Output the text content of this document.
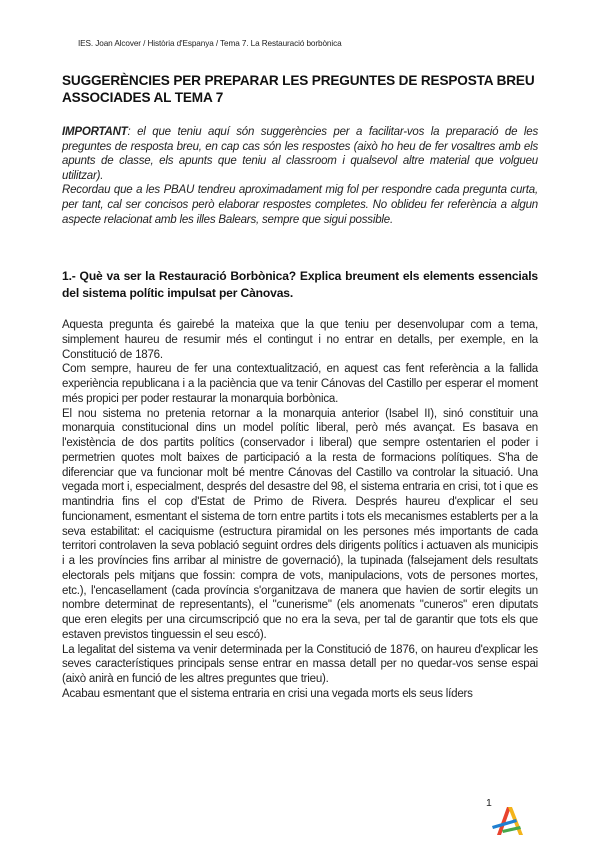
IES. Joan Alcover / Història d'Espanya / Tema 7. La Restauració borbònica
SUGGERÈNCIES PER PREPARAR LES PREGUNTES DE RESPOSTA BREU
ASSOCIADES AL TEMA 7

IMPORTANT: el que teniu aquí són suggerències per a facilitar-vos la preparació de les preguntes de resposta breu, en cap cas són les respostes (això ho heu de fer vosaltres amb els apunts de classe, els apunts que teniu al classroom i qualsevol altre material que volgueu utilitzar).

Recordau que a les PBAU tendreu aproximadament mig fol per respondre cada pregunta curta, per tant, cal ser concisos però elaborar respostes completes. No oblideu fer referència a algun aspecte relacionat amb les illes Balears, sempre que sigui possible.

1.- Què va ser la Restauració Borbònica? Explica breument els elements essencials del sistema polític impulsat per Cànovas.

Aquesta pregunta és gairebé la mateixa que la que teniu per desenvolupar com a tema, simplement haureu de resumir més el contingut i no entrar en detalls, per exemple, en la Constitució de 1876.

Com sempre, haureu de fer una contextualització, en aquest cas fent referència a la fallida experiència republicana i a la paciència que va tenir Cánovas del Castillo per esperar el moment més propici per poder restaurar la monarquia borbònica.

El nou sistema no pretenia retornar a la monarquia anterior (Isabel II), sinó constituir una monarquia constitucional dins un model polític liberal, però més avançat. Es basava en l'existència de dos partits polítics (conservador i liberal) que sempre ostentarien el poder i permetrien quotes molt baixes de participació a la resta de formacions polítiques. S'ha de diferenciar que va funcionar molt bé mentre Cánovas del Castillo va controlar la situació. Una vegada mort i, especialment, després del desastre del 98, el sistema entraria en crisi, tot i que es mantindria fins el cop d'Estat de Primo de Rivera. Després haureu d'explicar el seu funcionament, esmentant el sistema de torn entre partits i tots els mecanismes establerts per a la seva estabilitat: el caciquisme (estructura piramidal on les persones més importants de cada territori controlaven la seva població seguint ordres dels dirigents polítics i actuaven als municipis i a les províncies fins arribar al ministre de governació), la tupinada (falsejament dels resultats electorals pels mitjans que fossin: compra de vots, manipulacions, vots de persones mortes, etc.), l'encasellament (cada província s'organitzava de manera que havien de sortir elegits un nombre determinat de representants), el "cunerisme" (els anomenats "cuneros" eren diputats que eren elegits per una circumscripció que no era la seva, per tal de garantir que tots els que estaven previstos tinguessin el seu escó).

La legalitat del sistema va venir determinada per la Constitució de 1876, on haureu d'explicar les seves característiques principals sense entrar en massa detall per no quedar-vos sense espai (això anirà en funció de les altres preguntes que trieu).

Acabau esmentant que el sistema entraria en crisi una vegada morts els seus líders

1
